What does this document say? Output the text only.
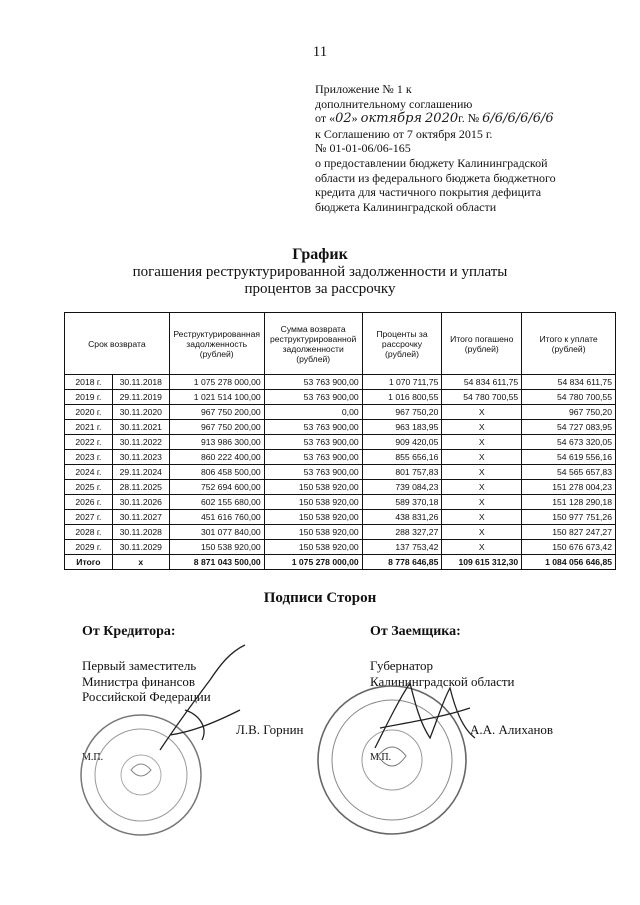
11
Приложение № 1 к
дополнительному соглашению
от «02» октября 2020г. № 6/6/6/6/6/6
к Соглашению от 7 октября 2015 г.
№ 01-01-06/06-165
о предоставлении бюджету Калининградской
области из федерального бюджета бюджетного
кредита для частичного покрытия дефицита
бюджета Калининградской области
График
погашения реструктурированной задолженности и уплаты процентов за рассрочку
Срок возврата		Реструктурированная задолженность (рублей)	Сумма возврата реструктурированной задолженности (рублей)	Проценты за рассрочку (рублей)	Итого погашено (рублей)	Итого к уплате (рублей)
2018 г.	30.11.2018	1 075 278 000,00	53 763 900,00	1 070 711,75	54 834 611,75	54 834 611,75
2019 г.	29.11.2019	1 021 514 100,00	53 763 900,00	1 016 800,55	54 780 700,55	54 780 700,55
2020 г.	30.11.2020	967 750 200,00	0,00	967 750,20	X	967 750,20
2021 г.	30.11.2021	967 750 200,00	53 763 900,00	963 183,95	X	54 727 083,95
2022 г.	30.11.2022	913 986 300,00	53 763 900,00	909 420,05	X	54 673 320,05
2023 г.	30.11.2023	860 222 400,00	53 763 900,00	855 656,16	X	54 619 556,16
2024 г.	29.11.2024	806 458 500,00	53 763 900,00	801 757,83	X	54 565 657,83
2025 г.	28.11.2025	752 694 600,00	150 538 920,00	739 084,23	X	151 278 004,23
2026 г.	30.11.2026	602 155 680,00	150 538 920,00	589 370,18	X	151 128 290,18
2027 г.	30.11.2027	451 616 760,00	150 538 920,00	438 831,26	X	150 977 751,26
2028 г.	30.11.2028	301 077 840,00	150 538 920,00	288 327,27	X	150 827 247,27
2029 г.	30.11.2029	150 538 920,00	150 538 920,00	137 753,42	X	150 676 673,42
Итого	х	8 871 043 500,00	1 075 278 000,00	8 778 646,85	109 615 312,30	1 084 056 646,85
Подписи Сторон
От Кредитора:	От Заемщика:
Первый заместитель
Министра финансов
Российской Федерации
Губернатор
Калининградской области
Л.В. Горнин	А.А. Алиханов
М.П.	М.П.
